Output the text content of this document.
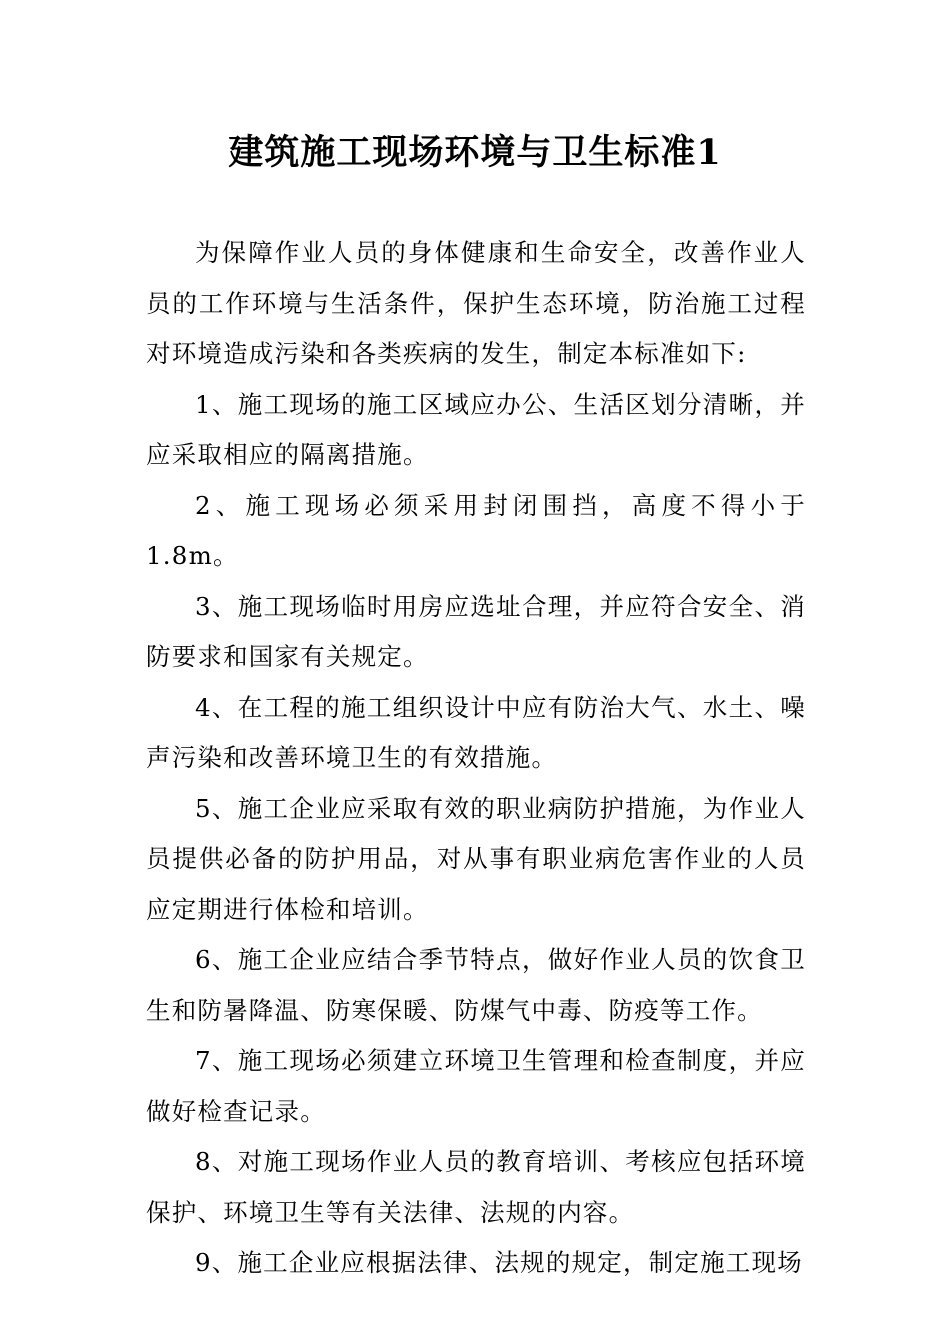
建筑施工现场环境与卫生标准1

为保障作业人员的身体健康和生命安全，改善作业人员的工作环境与生活条件，保护生态环境，防治施工过程对环境造成污染和各类疾病的发生，制定本标准如下:

1、施工现场的施工区域应办公、生活区划分清晰，并应采取相应的隔离措施。

2、施工现场必须采用封闭围挡，高度不得小于1.8m。

3、施工现场临时用房应选址合理，并应符合安全、消防要求和国家有关规定。

4、在工程的施工组织设计中应有防治大气、水土、噪声污染和改善环境卫生的有效措施。

5、施工企业应采取有效的职业病防护措施，为作业人员提供必备的防护用品，对从事有职业病危害作业的人员应定期进行体检和培训。

6、施工企业应结合季节特点，做好作业人员的饮食卫生和防暑降温、防寒保暖、防煤气中毒、防疫等工作。

7、施工现场必须建立环境卫生管理和检查制度，并应做好检查记录。

8、对施工现场作业人员的教育培训、考核应包括环境保护、环境卫生等有关法律、法规的内容。

9、施工企业应根据法律、法规的规定，制定施工现场
